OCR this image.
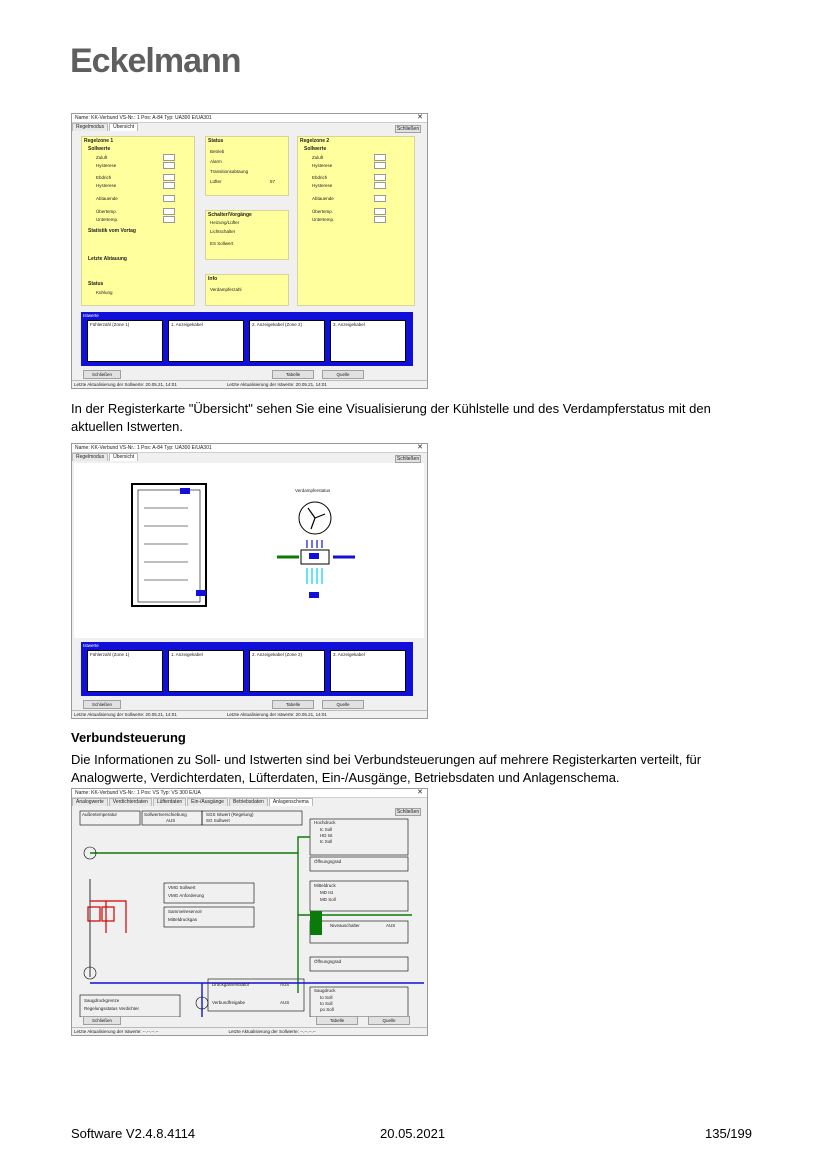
Eckelmann
Name: KK-Verbund VS-Nr.: 1 Pos: A-84 Typ: UA300 E/UA301	✕
Regelmodus Übersicht	Schließen
Regelzone 1
Sollwerte
Zuluft
Hysterese
Ebdrich
Hysterese
Abtauende
Übertemp.
Untertemp.
Statistik vom Vortag
Letzte Abtauung
Status
Kühlung
Status
Betrieb
Alarm
Transitionsabtaung
Lüfter	57
Schalter/Vorgänge
Heizung/Lüfter
Lichtschalter
ES Sollwert
Info
Verdampferzahl
Regelzone 2
Sollwerte
Zuluft
Hysterese
Ebdrich
Hysterese
Abtauende
Übertemp.
Untertemp.
Istwerte
Fühlerzahl (Zone 1)	1. Anzeigekabel	2. Anzeigekabel (Zone 2)	3. Anzeigekabel
Schließen	Tabelle	Quelle
Letzte Aktualisierung der Sollwerte: 20.05.21, 14:01	Letzte Aktualisierung der Istwerte: 20.05.21, 14:01
In der Registerkarte "Übersicht" sehen Sie eine Visualisierung der Kühlstelle und des Verdampferstatus mit den aktuellen Istwerten.
Name: KK-Verbund VS-Nr.: 1 Pos: A-84 Typ: UA300 E/UA301	✕
Regelmodus Übersicht	Schließen
Verdampferstatus
Istwerte
Fühlerzahl (Zone 1)	1. Anzeigekabel	2. Anzeigekabel (Zone 2)	3. Anzeigekabel
Schließen	Tabelle	Quelle
Letzte Aktualisierung der Sollwerte: 20.05.21, 14:01	Letzte Aktualisierung der Istwerte: 20.05.21, 14:01
Verbundsteuerung
Die Informationen zu Soll- und Istwerten sind bei Verbundsteuerungen auf mehrere Registerkarten verteilt, für Analogwerte, Verdichterdaten, Lüfterdaten, Ein-/Ausgänge, Betriebsdaten und Anlagenschema.
Name: KK-Verbund VS-Nr.: 1 Pos: VS Typ: VS 300 E/UA	✕
Analogwerte Verdichterdaten Lüfterdaten Ein-/Ausgänge Betriebsdaten Anlagenschema
Schließen
Außentemperatur	Sollwertverschiebung
AUS
SGS Istwert (Regelung)
SG Sollwert	Hochdruck
tc Soll
HD Ist
tc Soll
Öffnungsgrad
Mitteldruck
MD Ist
MD Soll
VMG Sollwert
VMG Anforderung
Sammelreservoir
Mitteldruckgas
Niveauschalter	AUS
Öffnungsgrad
Saugdruck
to Soll
to Soll
po Soll
Saugdruckgrenze
Regelungsstatus Verdichter
Druckgasventilator	AUS
Verbundfreigabe	AUS
Schließen	Tabelle	Quelle
Letzte Aktualisierung der Istwerte: --.--.--.--	Letzte Aktualisierung der Sollwerte: --.--.--.--
Software V2.4.8.4114	20.05.2021	135/199
